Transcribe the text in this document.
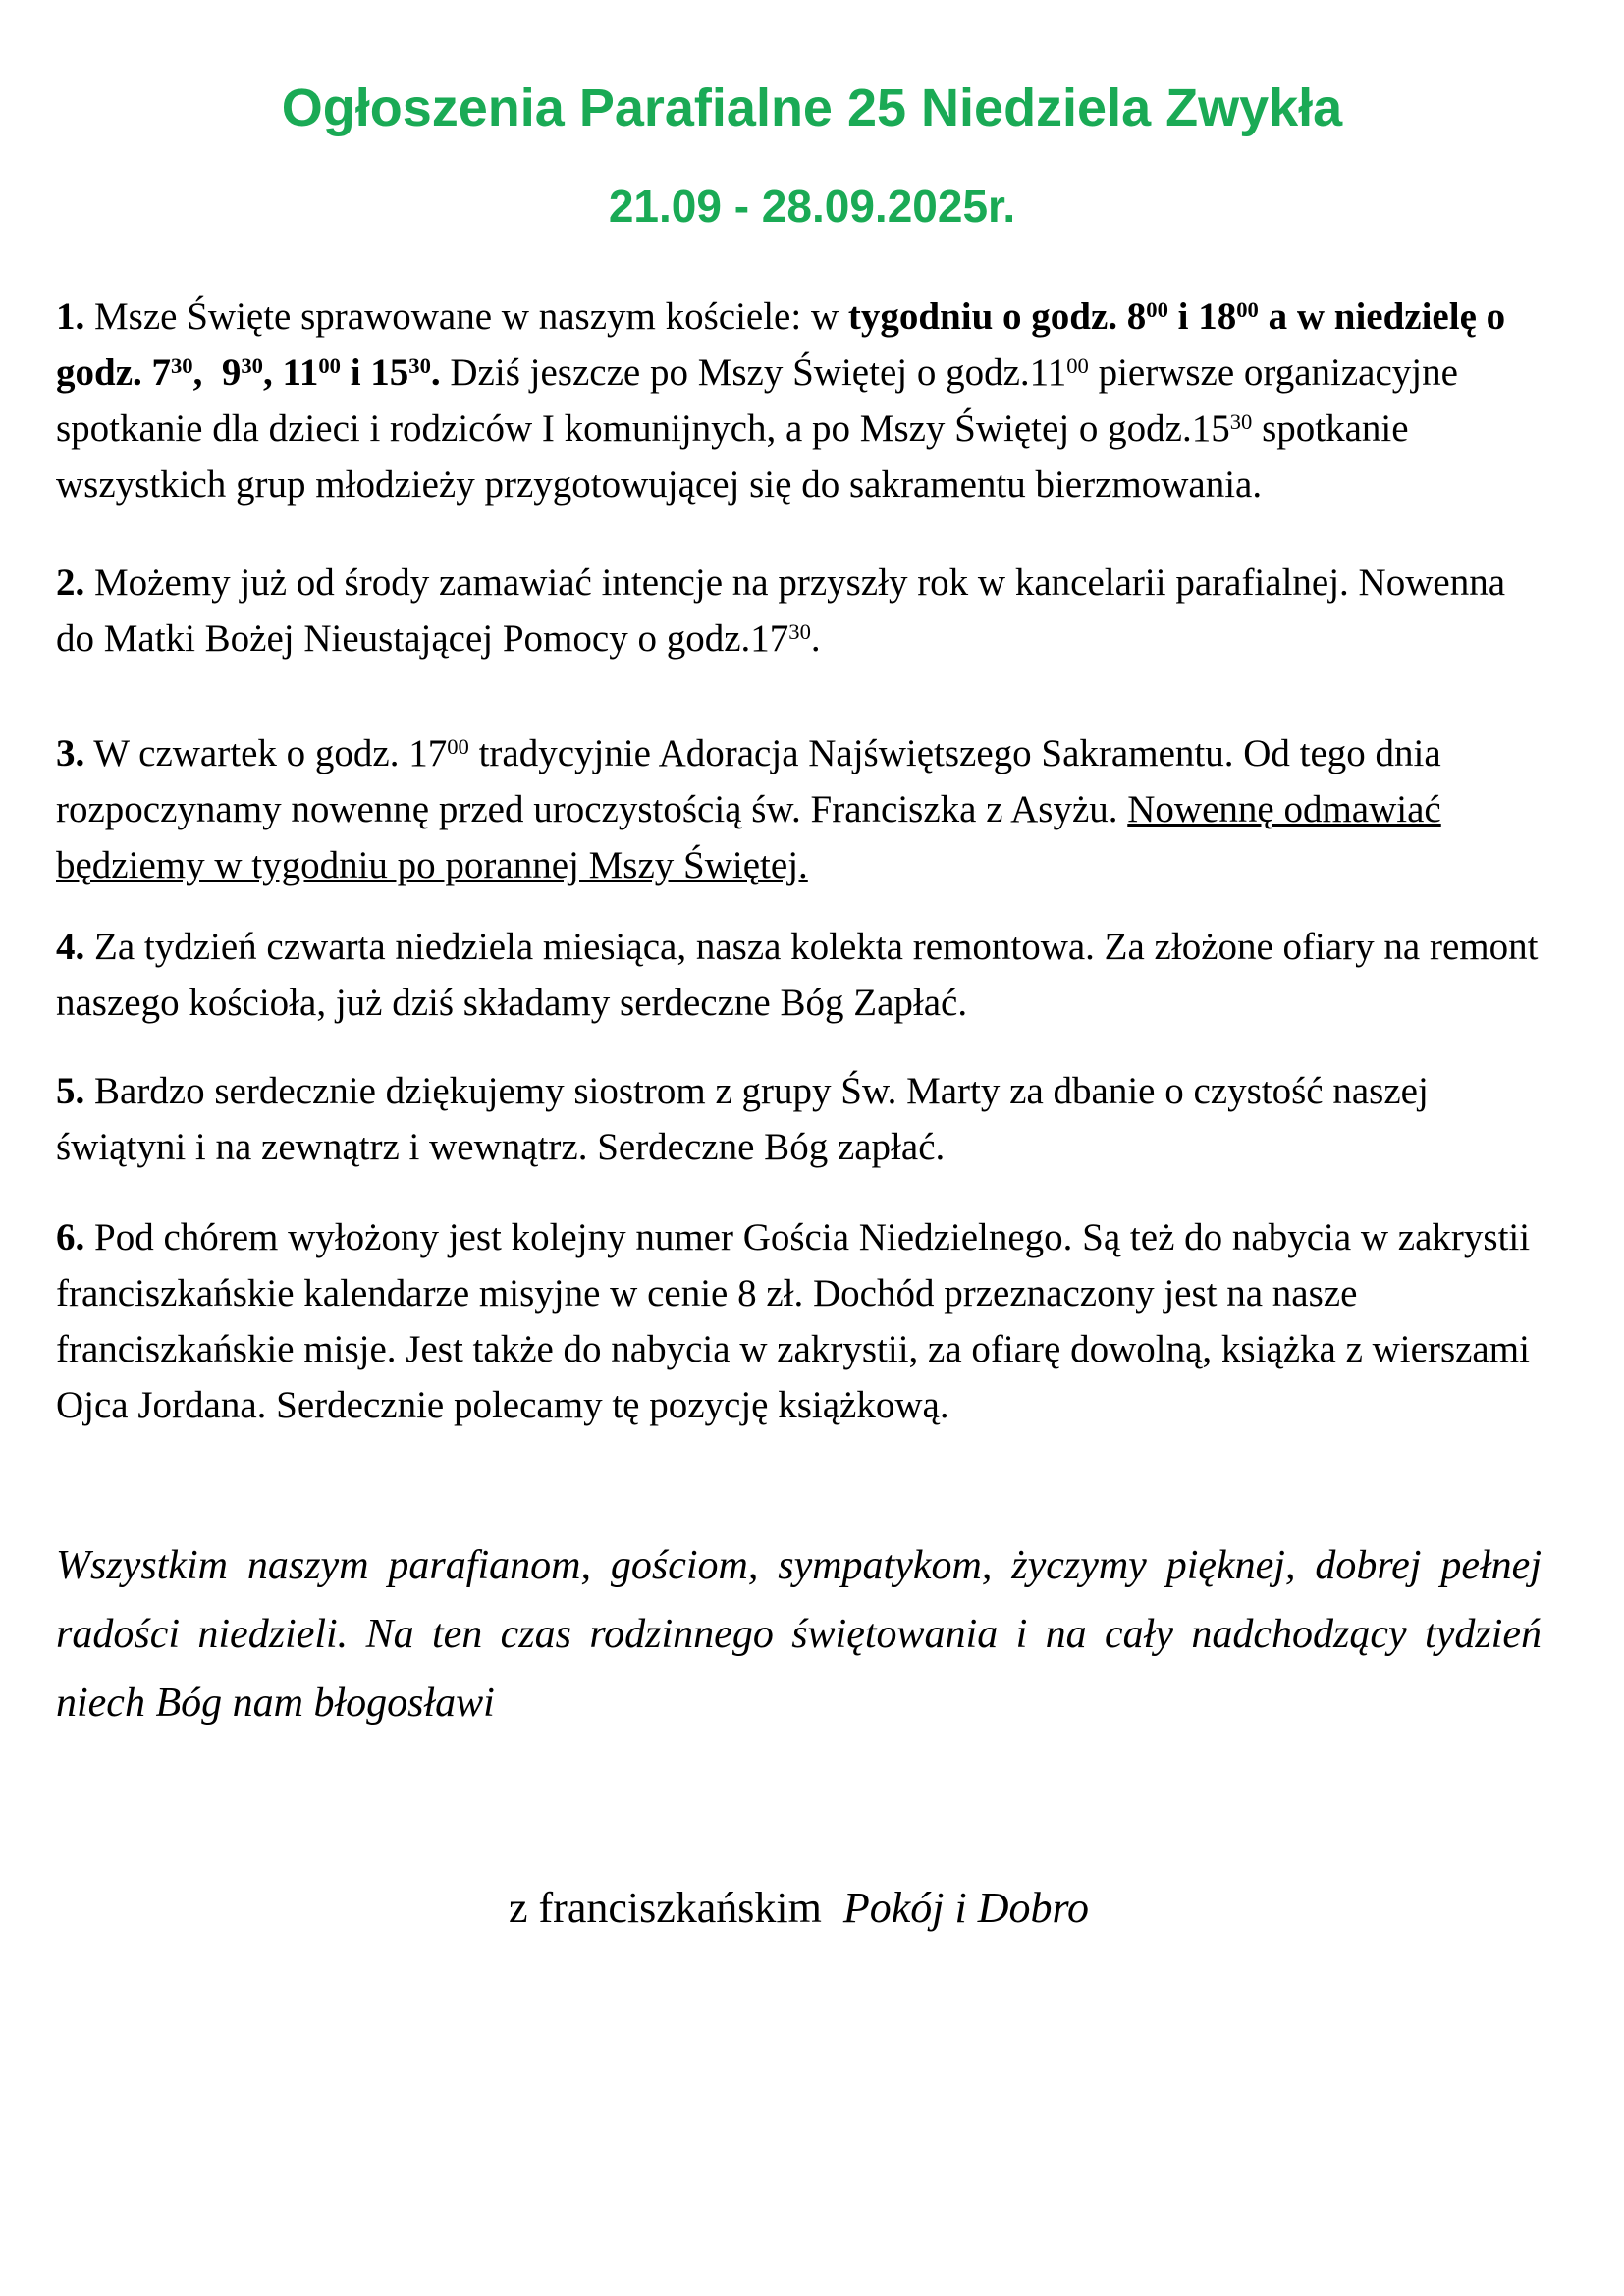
Ogłoszenia Parafialne 25 Niedziela Zwykła
21.09 - 28.09.2025r.

1. Msze Święte sprawowane w naszym kościele: w tygodniu o godz. $8^{00}$ i $18^{00}$ a w niedzielę o godz. $7^{30}$,  $9^{30}$, $11^{00}$ i $15^{30}$. Dziś jeszcze po Mszy Świętej o $godz.11^{00}$ pierwsze organizacyjne spotkanie dla dzieci i rodziców I komunijnych, a po Mszy Świętej o $godz.15^{30}$ spotkanie wszystkich grup młodzieży przygotowującej się do sakramentu bierzmowania.

2. Możemy już od środy zamawiać intencje na przyszły rok w kancelarii parafialnej. Nowenna do Matki Bożej Nieustającej Pomocy o $godz.17^{30}$.

3. W czwartek o godz. $17^{00}$ tradycyjnie Adoracja Najświętszego Sakramentu. Od tego dnia rozpoczynamy nowennę przed uroczystością św. Franciszka z Asyżu. Nowennę odmawiać będziemy w tygodniu po porannej Mszy Świętej.

4. Za tydzień czwarta niedziela miesiąca, nasza kolekta remontowa. Za złożone ofiary na remont naszego kościoła, już dziś składamy serdeczne Bóg Zapłać.

5. Bardzo serdecznie dziękujemy siostrom z grupy Św. Marty za dbanie o czystość naszej świątyni i na zewnątrz i wewnątrz. Serdeczne Bóg zapłać.

6. Pod chórem wyłożony jest kolejny numer Gościa Niedzielnego. Są też do nabycia w zakrystii franciszkańskie kalendarze misyjne w cenie 8 zł. Dochód przeznaczony jest na nasze franciszkańskie misje. Jest także do nabycia w zakrystii, za ofiarę dowolną, książka z wierszami Ojca Jordana. Serdecznie polecamy tę pozycję książkową.

Wszystkim naszym parafianom, gościom, sympatykom, życzymy pięknej, dobrej pełnej radości niedzieli. Na ten czas rodzinnego świętowania i na cały nadchodzący tydzień niech Bóg nam błogosławi

z franciszkańskim  Pokój i Dobro
